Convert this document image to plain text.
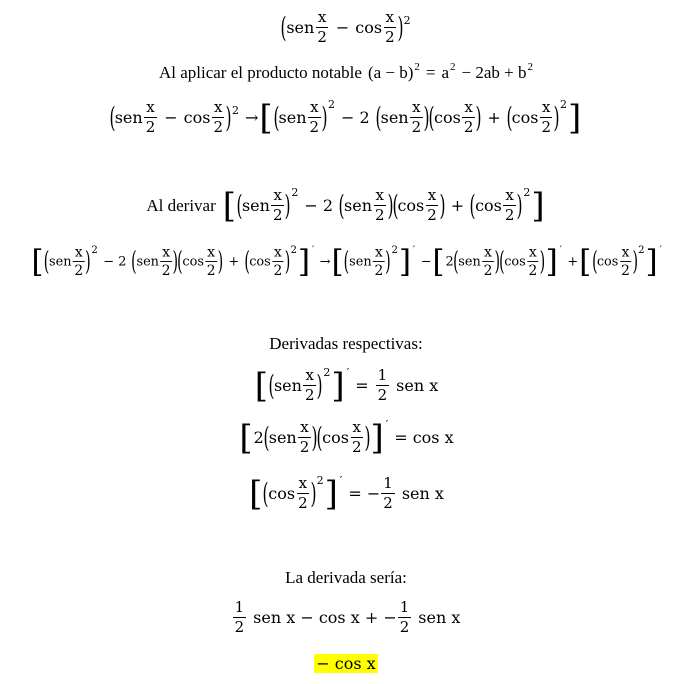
( sen $\frac{x}{2} - \cos \frac{x}{2}$ ) 2
Al aplicar el producto notable (a − b) 2 = a 2 − 2ab + b 2
( sen $\frac{x}{2} - \cos \frac{x}{2}$ ) 2 → [ ( sen $\frac{x}{2}$ ) 2
− 2 ( sen $\frac{x}{2}$ )
( $\cos \frac{x}{2}$ ) + ( $\cos \frac{x}{2}$ ) 2 ]
Al derivar [ ( sen $\frac{x}{2}$ ) 2
− 2 ( sen $\frac{x}{2}$ )
( $\cos \frac{x}{2}$ ) + ( $\cos \frac{x}{2}$ ) 2 ]
[ ( sen $\frac{x}{2}$ ) 2
− 2 ( sen $\frac{x}{2}$ ) ( $\cos \frac{x}{2}$ ) + ( $\cos \frac{x}{2}$ ) 2 ] ′
→ [ ( sen $\frac{x}{2}$ ) 2 ] ′
− [ 2 ( sen $\frac{x}{2}$ ) ( $\cos \frac{x}{2}$ ) ] ′
+ [ ( $\cos \frac{x}{2}$ ) 2 ] ′
Derivadas respectivas:
[ ( sen $\frac{x}{2}$ ) 2 ] ′
= $\frac{1}{2}$ sen x
[ 2 ( sen $\frac{x}{2}$ )
( $\cos \frac{x}{2}$ ) ] ′
= cos x
[ ( $\cos \frac{x}{2}$ ) 2 ] ′
= − $\frac{1}{2}$ sen x
La derivada sería:
$\frac{1}{2}$ sen x − cos x + − $\frac{1}{2}$ sen x
− cos x
